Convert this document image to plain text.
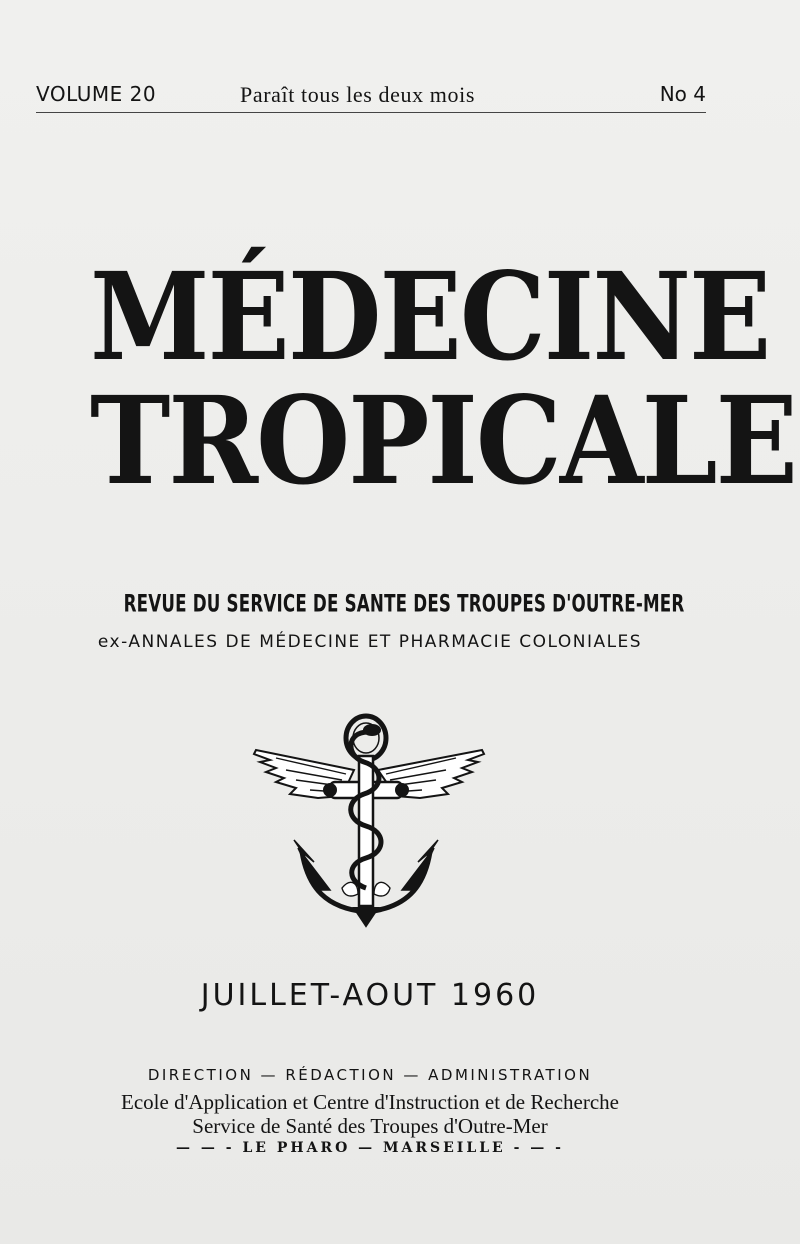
VOLUME 20	Paraît tous les deux mois	No 4
MÉDECINE
TROPICALE
REVUE DU SERVICE DE SANTE DES TROUPES D'OUTRE-MER
ex-ANNALES DE MÉDECINE ET PHARMACIE COLONIALES
JUILLET-AOUT 1960
DIRECTION — RÉDACTION — ADMINISTRATION
Ecole d'Application et Centre d'Instruction et de Recherche
Service de Santé des Troupes d'Outre-Mer
— — - LE PHARO — MARSEILLE - — -
